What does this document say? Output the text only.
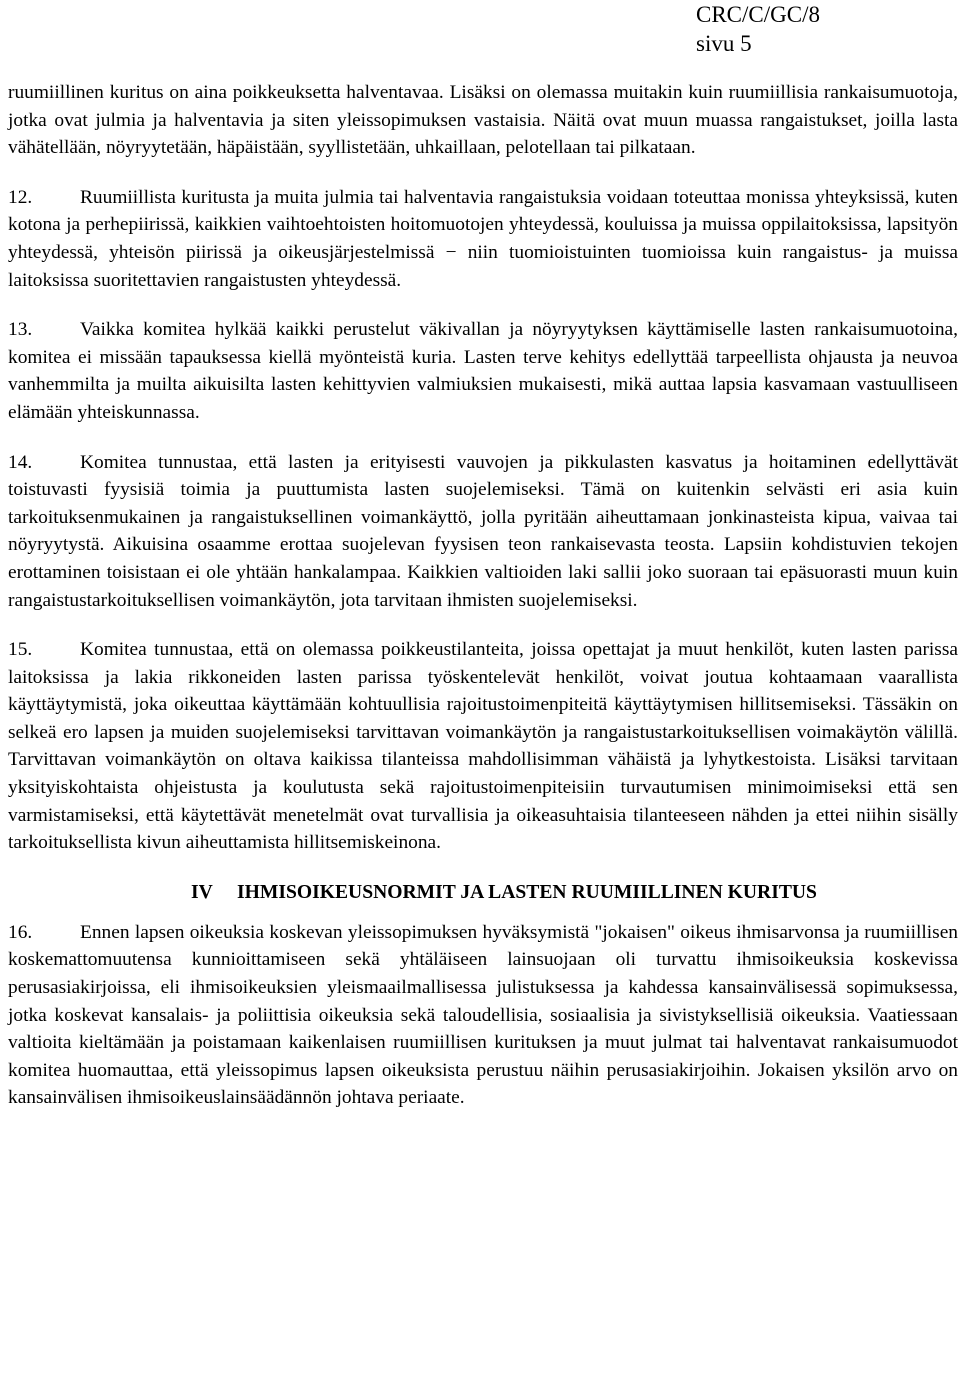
CRC/C/GC/8
sivu 5

ruumiillinen kuritus on aina poikkeuksetta halventavaa. Lisäksi on olemassa muitakin kuin ruumiillisia rankaisumuotoja, jotka ovat julmia ja halventavia ja siten yleissopimuksen vastaisia. Näitä ovat muun muassa rangaistukset, joilla lasta vähätellään, nöyryytetään, häpäistään, syyllistetään, uhkaillaan, pelotellaan tai pilkataan.

12. Ruumiillista kuritusta ja muita julmia tai halventavia rangaistuksia voidaan toteuttaa monissa yhteyksissä, kuten kotona ja perhepiirissä, kaikkien vaihtoehtoisten hoitomuotojen yhteydessä, kouluissa ja muissa oppilaitoksissa, lapsityön yhteydessä, yhteisön piirissä ja oikeusjärjestelmissä − niin tuomioistuinten tuomioissa kuin rangaistus- ja muissa laitoksissa suoritettavien rangaistusten yhteydessä.

13. Vaikka komitea hylkää kaikki perustelut väkivallan ja nöyryytyksen käyttämiselle lasten rankaisumuotoina, komitea ei missään tapauksessa kiellä myönteistä kuria. Lasten terve kehitys edellyttää tarpeellista ohjausta ja neuvoa vanhemmilta ja muilta aikuisilta lasten kehittyvien valmiuksien mukaisesti, mikä auttaa lapsia kasvamaan vastuulliseen elämään yhteiskunnassa.

14. Komitea tunnustaa, että lasten ja erityisesti vauvojen ja pikkulasten kasvatus ja hoitaminen edellyttävät toistuvasti fyysisiä toimia ja puuttumista lasten suojelemiseksi. Tämä on kuitenkin selvästi eri asia kuin tarkoituksenmukainen ja rangaistuksellinen voimankäyttö, jolla pyritään aiheuttamaan jonkinasteista kipua, vaivaa tai nöyryytystä. Aikuisina osaamme erottaa suojelevan fyysisen teon rankaisevasta teosta. Lapsiin kohdistuvien tekojen erottaminen toisistaan ei ole yhtään hankalampaa. Kaikkien valtioiden laki sallii joko suoraan tai epäsuorasti muun kuin rangaistustarkoituksellisen voimankäytön, jota tarvitaan ihmisten suojelemiseksi.

15. Komitea tunnustaa, että on olemassa poikkeustilanteita, joissa opettajat ja muut henkilöt, kuten lasten parissa laitoksissa ja lakia rikkoneiden lasten parissa työskentelevät henkilöt, voivat joutua kohtaamaan vaarallista käyttäytymistä, joka oikeuttaa käyttämään kohtuullisia rajoitustoimenpiteitä käyttäytymisen hillitsemiseksi. Tässäkin on selkeä ero lapsen ja muiden suojelemiseksi tarvittavan voimankäytön ja rangaistustarkoituksellisen voimakäytön välillä. Tarvittavan voimankäytön on oltava kaikissa tilanteissa mahdollisimman vähäistä ja lyhytkestoista. Lisäksi tarvitaan yksityiskohtaista ohjeistusta ja koulutusta sekä rajoitustoimenpiteisiin turvautumisen minimoimiseksi että sen varmistamiseksi, että käytettävät menetelmät ovat turvallisia ja oikeasuhtaisia tilanteeseen nähden ja ettei niihin sisälly tarkoituksellista kivun aiheuttamista hillitsemiskeinona.

IV	IHMISOIKEUSNORMIT JA LASTEN RUUMIILLINEN KURITUS

16. Ennen lapsen oikeuksia koskevan yleissopimuksen hyväksymistä "jokaisen" oikeus ihmisarvonsa ja ruumiillisen koskemattomuutensa kunnioittamiseen sekä yhtäläiseen lainsuojaan oli turvattu ihmisoikeuksia koskevissa perusasiakirjoissa, eli ihmisoikeuksien yleismaailmallisessa julistuksessa ja kahdessa kansainvälisessä sopimuksessa, jotka koskevat kansalais- ja poliittisia oikeuksia sekä taloudellisia, sosiaalisia ja sivistyksellisiä oikeuksia. Vaatiessaan valtioita kieltämään ja poistamaan kaikenlaisen ruumiillisen kurituksen ja muut julmat tai halventavat rankaisumuodot komitea huomauttaa, että yleissopimus lapsen oikeuksista perustuu näihin perusasiakirjoihin. Jokaisen yksilön arvo on kansainvälisen ihmisoikeuslainsäädännön johtava periaate.
